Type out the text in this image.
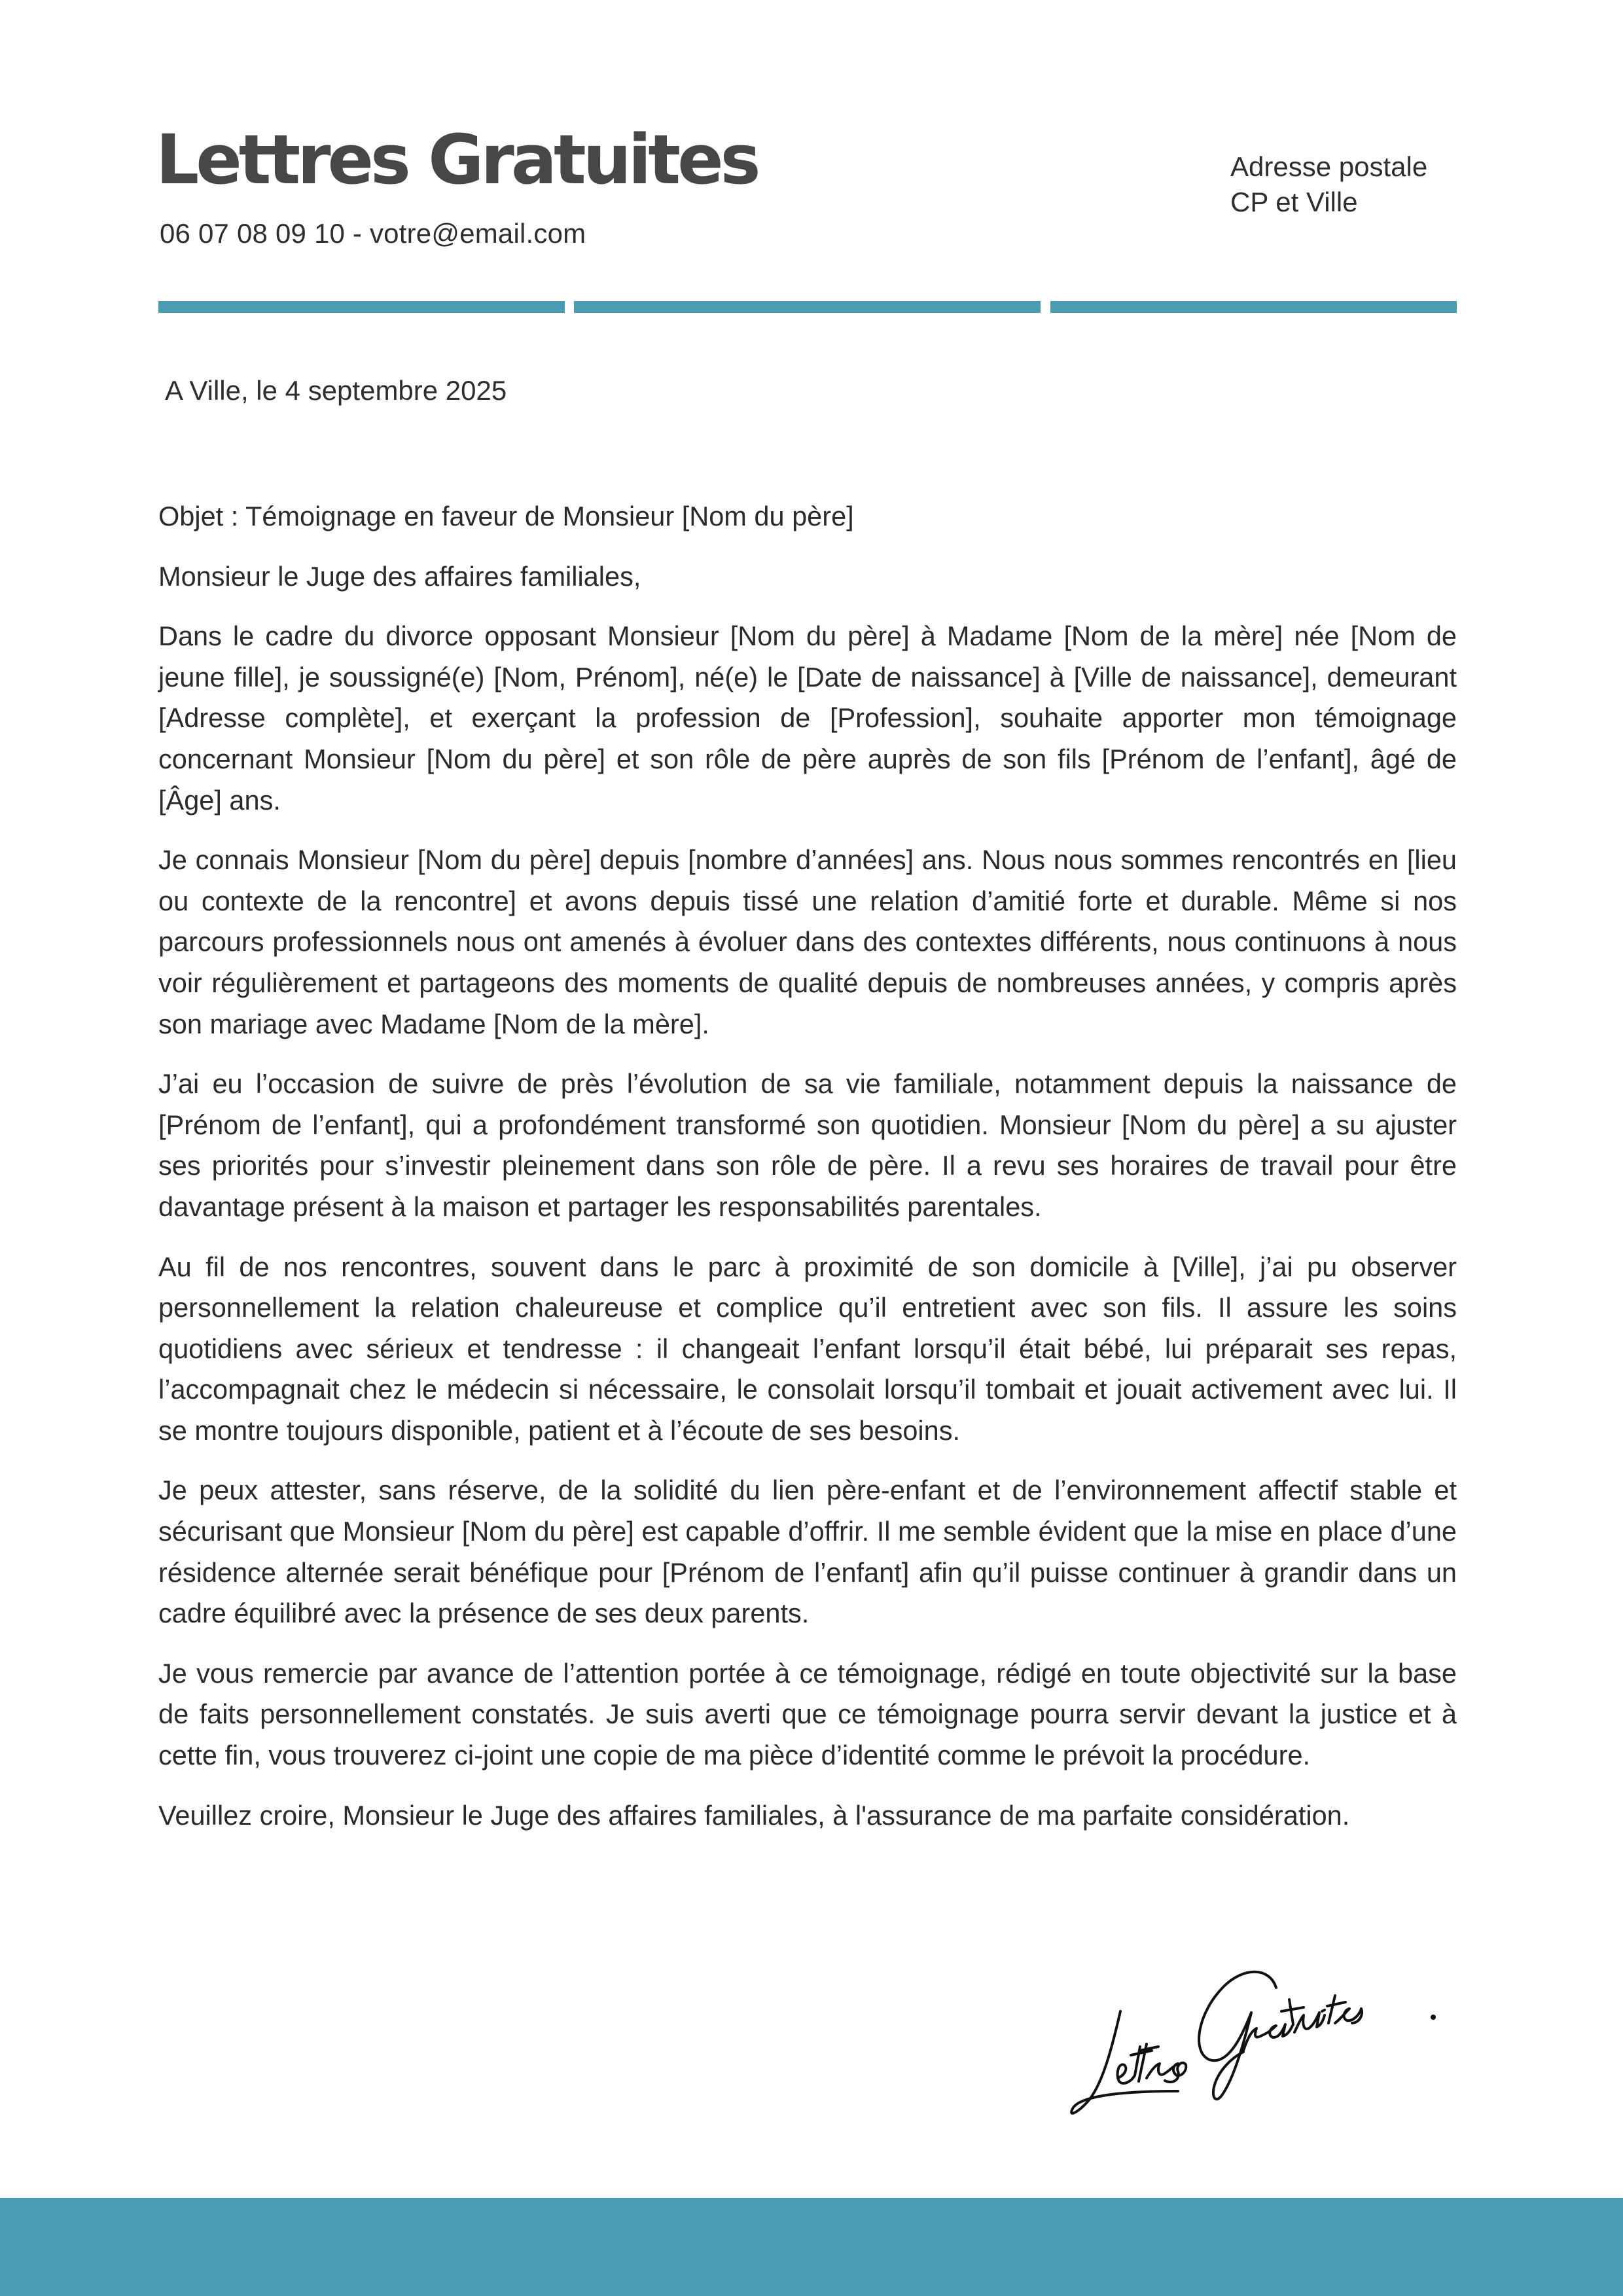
Lettres Gratuites
06 07 08 09 10 - votre@email.com
Adresse postale
CP et Ville
A Ville, le 4 septembre 2025

Objet : Témoignage en faveur de Monsieur [Nom du père]

Monsieur le Juge des affaires familiales,

Dans le cadre du divorce opposant Monsieur [Nom du père] à Madame [Nom de la mère] née [Nom de jeune fille], je soussigné(e) [Nom, Prénom], né(e) le [Date de naissance] à [Ville de naissance], demeurant [Adresse complète], et exerçant la profession de [Profession], souhaite apporter mon témoignage concernant Monsieur [Nom du père] et son rôle de père auprès de son fils [Prénom de l’enfant], âgé de [Âge] ans.

Je connais Monsieur [Nom du père] depuis [nombre d’années] ans. Nous nous sommes rencontrés en [lieu ou contexte de la rencontre] et avons depuis tissé une relation d’amitié forte et durable. Même si nos parcours professionnels nous ont amenés à évoluer dans des contextes différents, nous continuons à nous voir régulièrement et partageons des moments de qualité depuis de nombreuses années, y compris après son mariage avec Madame [Nom de la mère].

J’ai eu l’occasion de suivre de près l’évolution de sa vie familiale, notamment depuis la naissance de [Prénom de l’enfant], qui a profondément transformé son quotidien. Monsieur [Nom du père] a su ajuster ses priorités pour s’investir pleinement dans son rôle de père. Il a revu ses horaires de travail pour être davantage présent à la maison et partager les responsabilités parentales.

Au fil de nos rencontres, souvent dans le parc à proximité de son domicile à [Ville], j’ai pu observer personnellement la relation chaleureuse et complice qu’il entretient avec son fils. Il assure les soins quotidiens avec sérieux et tendresse : il changeait l’enfant lorsqu’il était bébé, lui préparait ses repas, l’accompagnait chez le médecin si nécessaire, le consolait lorsqu’il tombait et jouait activement avec lui. Il se montre toujours disponible, patient et à l’écoute de ses besoins.

Je peux attester, sans réserve, de la solidité du lien père-enfant et de l’environnement affectif stable et sécurisant que Monsieur [Nom du père] est capable d’offrir. Il me semble évident que la mise en place d’une résidence alternée serait bénéfique pour [Prénom de l’enfant] afin qu’il puisse continuer à grandir dans un cadre équilibré avec la présence de ses deux parents.

Je vous remercie par avance de l’attention portée à ce témoignage, rédigé en toute objectivité sur la base de faits personnellement constatés. Je suis averti que ce témoignage pourra servir devant la justice et à cette fin, vous trouverez ci-joint une copie de ma pièce d’identité comme le prévoit la procédure.

Veuillez croire, Monsieur le Juge des affaires familiales, à l'assurance de ma parfaite considération.
